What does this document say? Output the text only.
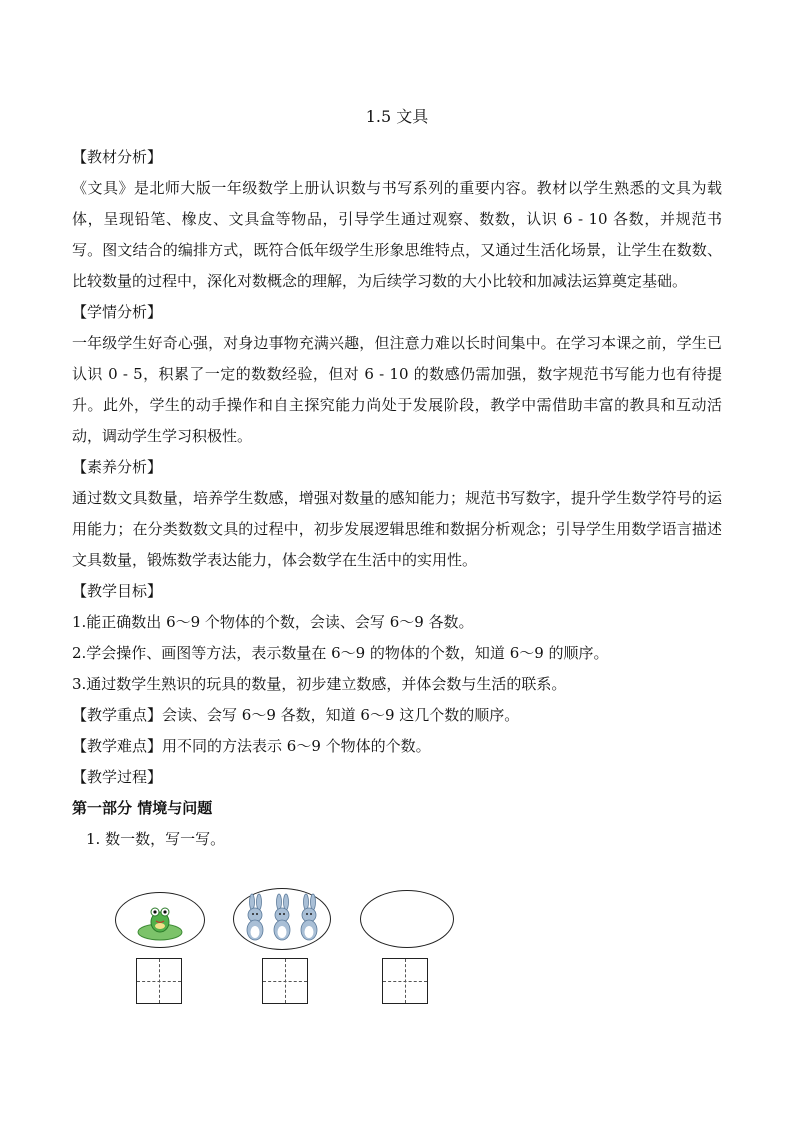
1.5 文具

【教材分析】

《文具》是北师大版一年级数学上册认识数与书写系列的重要内容。教材以学生熟悉的文具为载体，呈现铅笔、橡皮、文具盒等物品，引导学生通过观察、数数，认识 6 - 10 各数，并规范书写。图文结合的编排方式，既符合低年级学生形象思维特点，又通过生活化场景，让学生在数数、比较数量的过程中，深化对数概念的理解，为后续学习数的大小比较和加减法运算奠定基础。

【学情分析】

一年级学生好奇心强，对身边事物充满兴趣，但注意力难以长时间集中。在学习本课之前，学生已认识 0 - 5，积累了一定的数数经验，但对 6 - 10 的数感仍需加强，数字规范书写能力也有待提升。此外，学生的动手操作和自主探究能力尚处于发展阶段，教学中需借助丰富的教具和互动活动，调动学生学习积极性。

【素养分析】

通过数文具数量，培养学生数感，增强对数量的感知能力；规范书写数字，提升学生数学符号的运用能力；在分类数数文具的过程中，初步发展逻辑思维和数据分析观念；引导学生用数学语言描述文具数量，锻炼数学表达能力，体会数学在生活中的实用性。

【教学目标】

1.能正确数出 6～9 个物体的个数，会读、会写 6～9 各数。

2.学会操作、画图等方法，表示数量在 6～9 的物体的个数，知道 6～9 的顺序。

3.通过数学生熟识的玩具的数量，初步建立数感，并体会数与生活的联系。

【教学重点】会读、会写 6～9 各数，知道 6～9 这几个数的顺序。

【教学难点】用不同的方法表示 6～9 个物体的个数。

【教学过程】

第一部分 情境与问题

1. 数一数，写一写。
